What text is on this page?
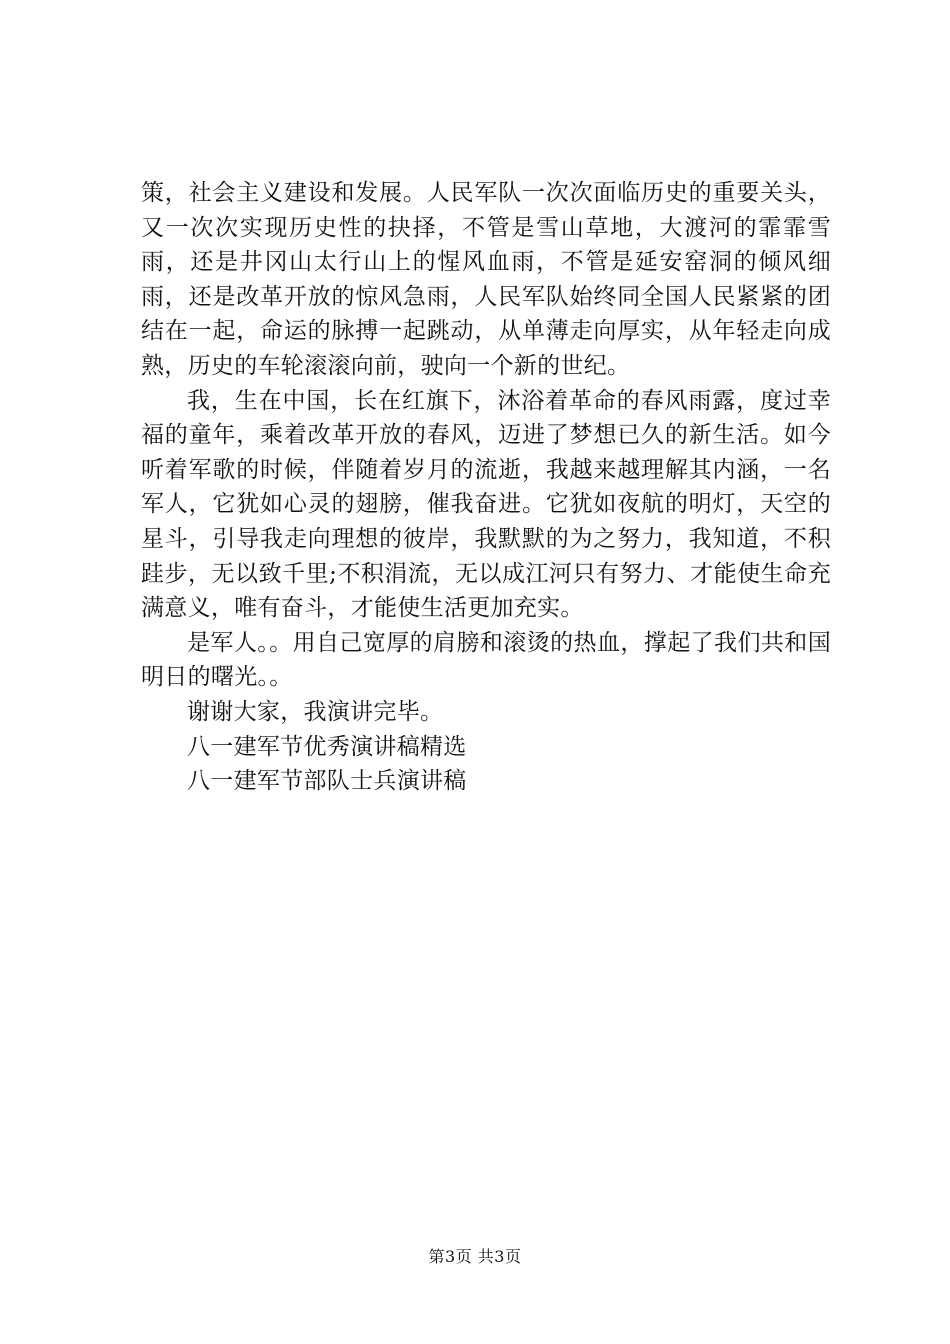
策，社会主义建设和发展。人民军队一次次面临历史的重要关头，又一次次实现历史性的抉择，不管是雪山草地，大渡河的霏霏雪雨，还是井冈山太行山上的惺风血雨，不管是延安窑洞的倾风细雨，还是改革开放的惊风急雨，人民军队始终同全国人民紧紧的团结在一起，命运的脉搏一起跳动，从单薄走向厚实，从年轻走向成熟，历史的车轮滚滚向前，驶向一个新的世纪。

我，生在中国，长在红旗下，沐浴着革命的春风雨露，度过幸福的童年，乘着改革开放的春风，迈进了梦想已久的新生活。如今听着军歌的时候，伴随着岁月的流逝，我越来越理解其内涵，一名军人，它犹如心灵的翅膀，催我奋进。它犹如夜航的明灯，天空的星斗，引导我走向理想的彼岸，我默默的为之努力，我知道，不积跬步，无以致千里;不积涓流，无以成江河只有努力、才能使生命充满意义，唯有奋斗，才能使生活更加充实。

是军人。。用自己宽厚的肩膀和滚烫的热血，撑起了我们共和国明日的曙光。。

谢谢大家，我演讲完毕。

八一建军节优秀演讲稿精选

八一建军节部队士兵演讲稿

第3页 共3页
